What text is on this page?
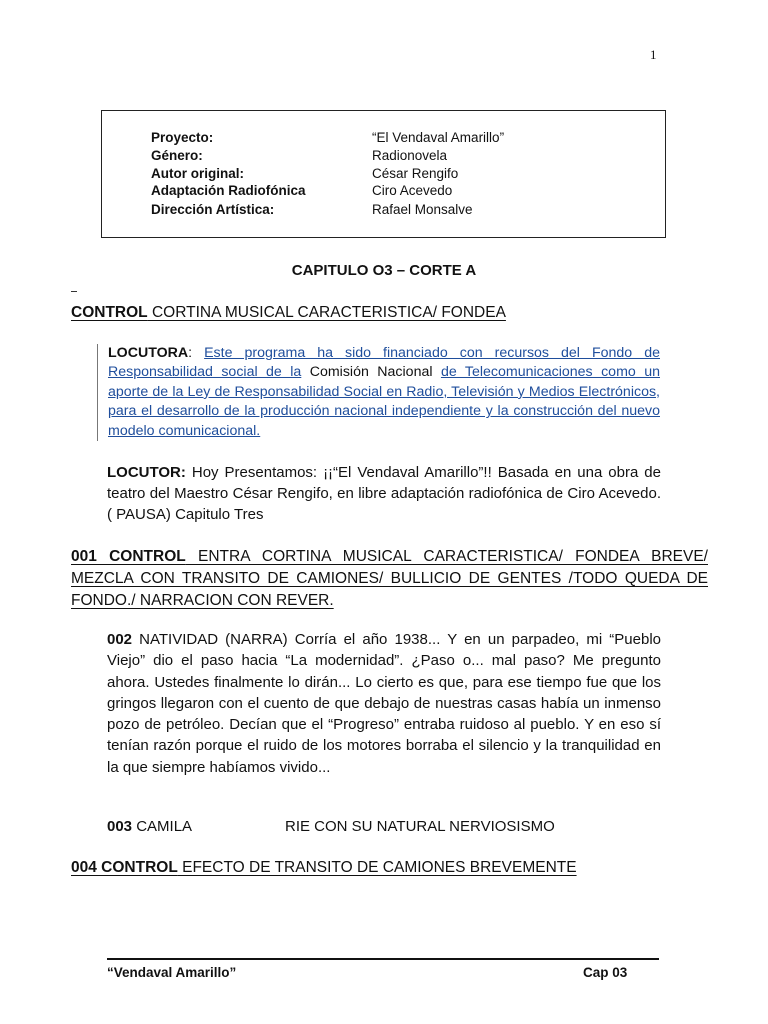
1
Proyecto:	“El Vendaval Amarillo”
Género:	Radionovela
Autor original:	César Rengifo
Adaptación Radiofónica	Ciro Acevedo
Dirección Artística:	Rafael Monsalve
CAPITULO O3 – CORTE A
CONTROL CORTINA MUSICAL CARACTERISTICA/ FONDEA
LOCUTORA: Este programa ha sido financiado con recursos del Fondo de Responsabilidad social de la Comisión Nacional de Telecomunicaciones como un aporte de la Ley de Responsabilidad Social en Radio, Televisión y Medios Electrónicos, para el desarrollo de la producción nacional independiente y la construcción del nuevo modelo comunicacional.
LOCUTOR: Hoy Presentamos: ¡¡“El Vendaval Amarillo”!! Basada en una obra de teatro del Maestro César Rengifo, en libre adaptación radiofónica de Ciro Acevedo. ( PAUSA) Capitulo Tres
001 CONTROL ENTRA CORTINA MUSICAL CARACTERISTICA/ FONDEA BREVE/ MEZCLA CON TRANSITO DE CAMIONES/ BULLICIO DE GENTES /TODO QUEDA DE FONDO./ NARRACION CON REVER.
002 NATIVIDAD (NARRA) Corría el año 1938... Y en un parpadeo, mi “Pueblo Viejo” dio el paso hacia “La modernidad”. ¿Paso o... mal paso? Me pregunto ahora. Ustedes finalmente lo dirán... Lo cierto es que, para ese tiempo fue que los gringos llegaron con el cuento de que debajo de nuestras casas había un inmenso pozo de petróleo. Decían que el “Progreso” entraba ruidoso al pueblo. Y en eso sí tenían razón porque el ruido de los motores borraba el silencio y la tranquilidad en la que siempre habíamos vivido...
003 CAMILA	RIE CON SU NATURAL NERVIOSISMO
004 CONTROL EFECTO DE TRANSITO DE CAMIONES BREVEMENTE
“Vendaval Amarillo”	Cap 03
